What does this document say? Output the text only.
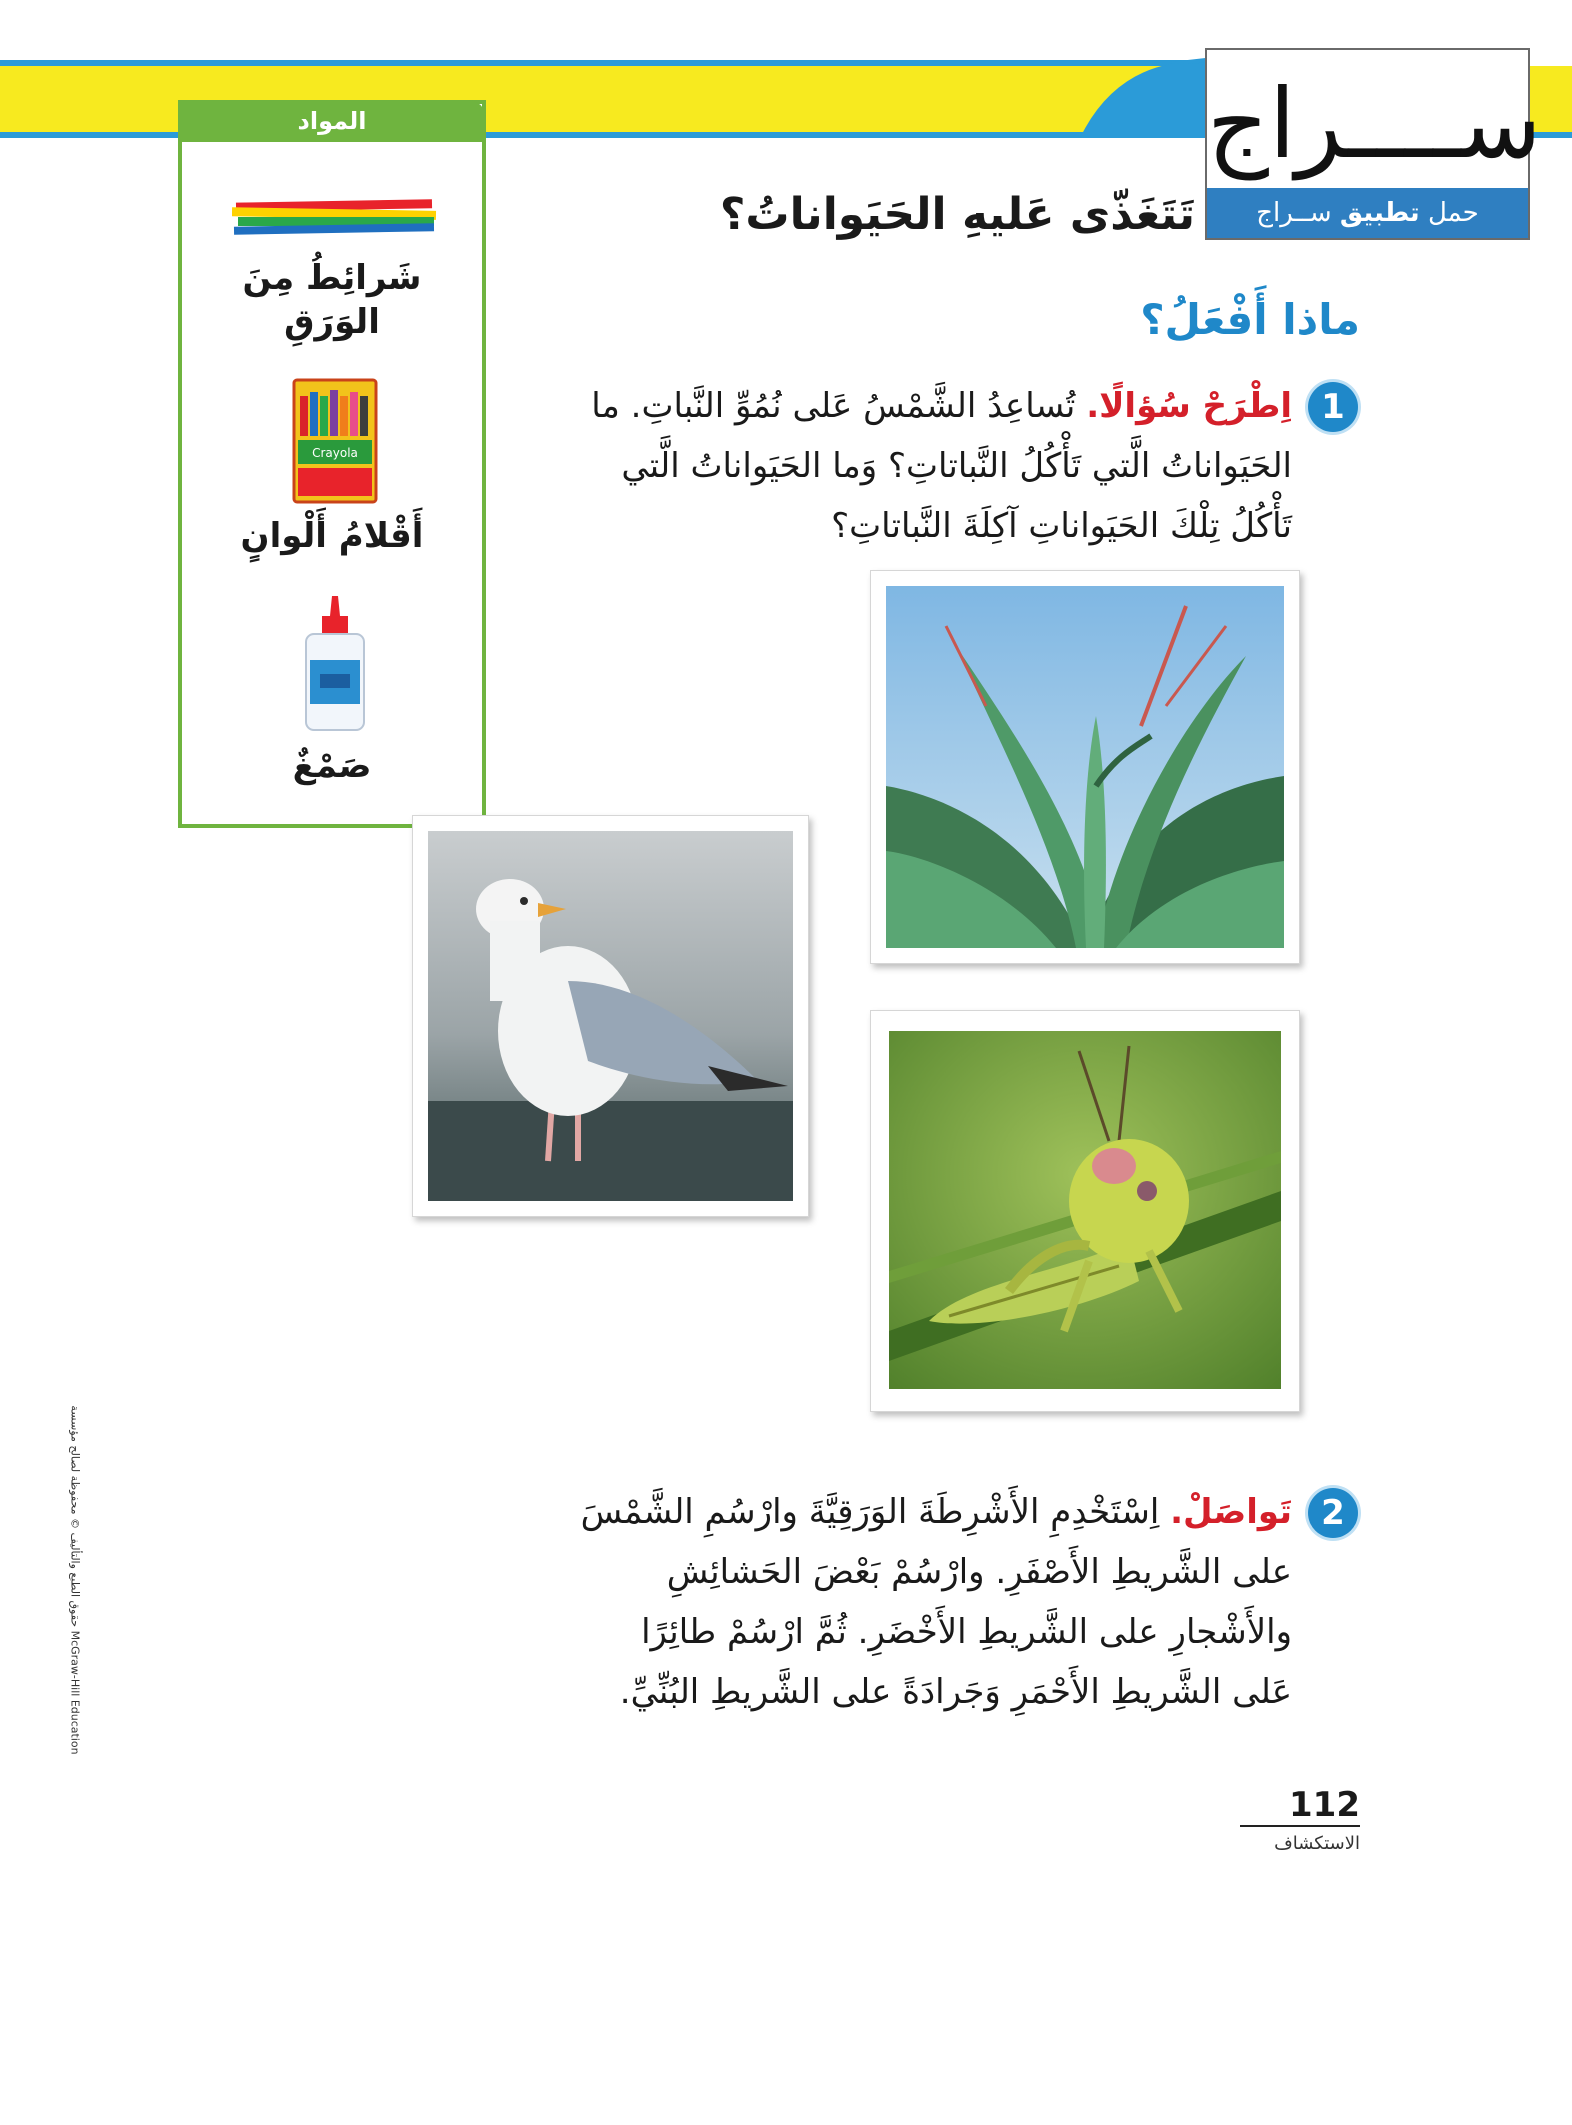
ســــراج
حمل تطبيق ســراج
المواد
شَرائِطُ مِنَ
الوَرَقِ
Crayola
أَقْلامُ أَلْوانٍ
صَمْغٌ
تَتَغَذّى عَليهِ الحَيَواناتُ؟
ماذا أَفْعَلُ؟
1
اِطْرَحْ سُؤالًا. تُساعِدُ الشَّمْسُ عَلى نُمُوِّ النَّباتِ. ما
الحَيَواناتُ الَّتي تَأْكُلُ النَّباتاتِ؟ وَما الحَيَواناتُ الَّتي
تَأْكُلُ تِلْكَ الحَيَواناتِ آكِلَةَ النَّباتاتِ؟
2
تَواصَلْ. اِسْتَخْدِمِ الأَشْرِطَةَ الوَرَقِيَّةَ وارْسُمِ الشَّمْسَ
على الشَّريطِ الأَصْفَرِ. وارْسُمْ بَعْضَ الحَشائِشِ
والأَشْجارِ على الشَّريطِ الأَخْضَرِ. ثُمَّ ارْسُمْ طائِرًا
عَلى الشَّريطِ الأَحْمَرِ وَجَرادَةً على الشَّريطِ البُنِّيِّ.
112
الاستكشاف
حقوق الطبع والتأليف © محفوظة لصالح مؤسسة McGraw-Hill Education
